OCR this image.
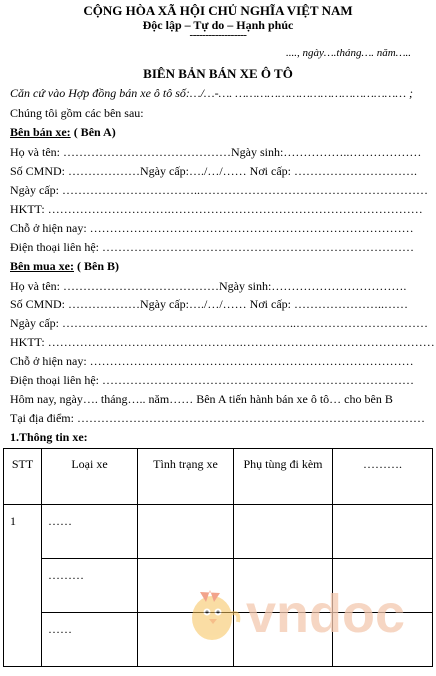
CỘNG HÒA XÃ HỘI CHỦ NGHĨA VIỆT NAM
Độc lập – Tự do – Hạnh phúc
------------------
...., ngày….tháng…. năm…..
BIÊN BẢN BÁN XE Ô TÔ
Căn cứ vào Hợp đồng bán xe ô tô số:…/…-…. ………………………………………… ;
Chúng tôi gồm các bên sau:
Bên bán xe: ( Bên A)
Họ và tên: ……………………………………Ngày sinh:……………..………………
Số CMND: ………………Ngày cấp:…./…/…… Nơi cấp: ………………………….
Ngày cấp: ……………………………..…………………………………………………
HKTT: ………………………….………………………………………………………
Chỗ ở hiện nay: ………………………………………………………………………
Điện thoại liên hệ: ……………………………………………………………………
Bên mua xe: ( Bên B)
Họ và tên: …………………………………Ngày sinh:…………………………….
Số CMND: ………………Ngày cấp:…./…/…… Nơi cấp: …………………..……
Ngày cấp: …………………………………………………..……………………………
HKTT: ………………………………………….…………………………………………
Chỗ ở hiện nay: ………………………………………………………………………
Điện thoại liên hệ: ……………………………………………………………………
Hôm nay, ngày…. tháng….. năm…… Bên A tiến hành bán xe ô tô… cho bên B
Tại địa điểm: ……………………………………………………………………………
1.Thông tin xe:
STT	Loại xe	Tình trạng xe	Phụ tùng đi kèm	……….

1	……			

	………			

	……			
				vndoc
